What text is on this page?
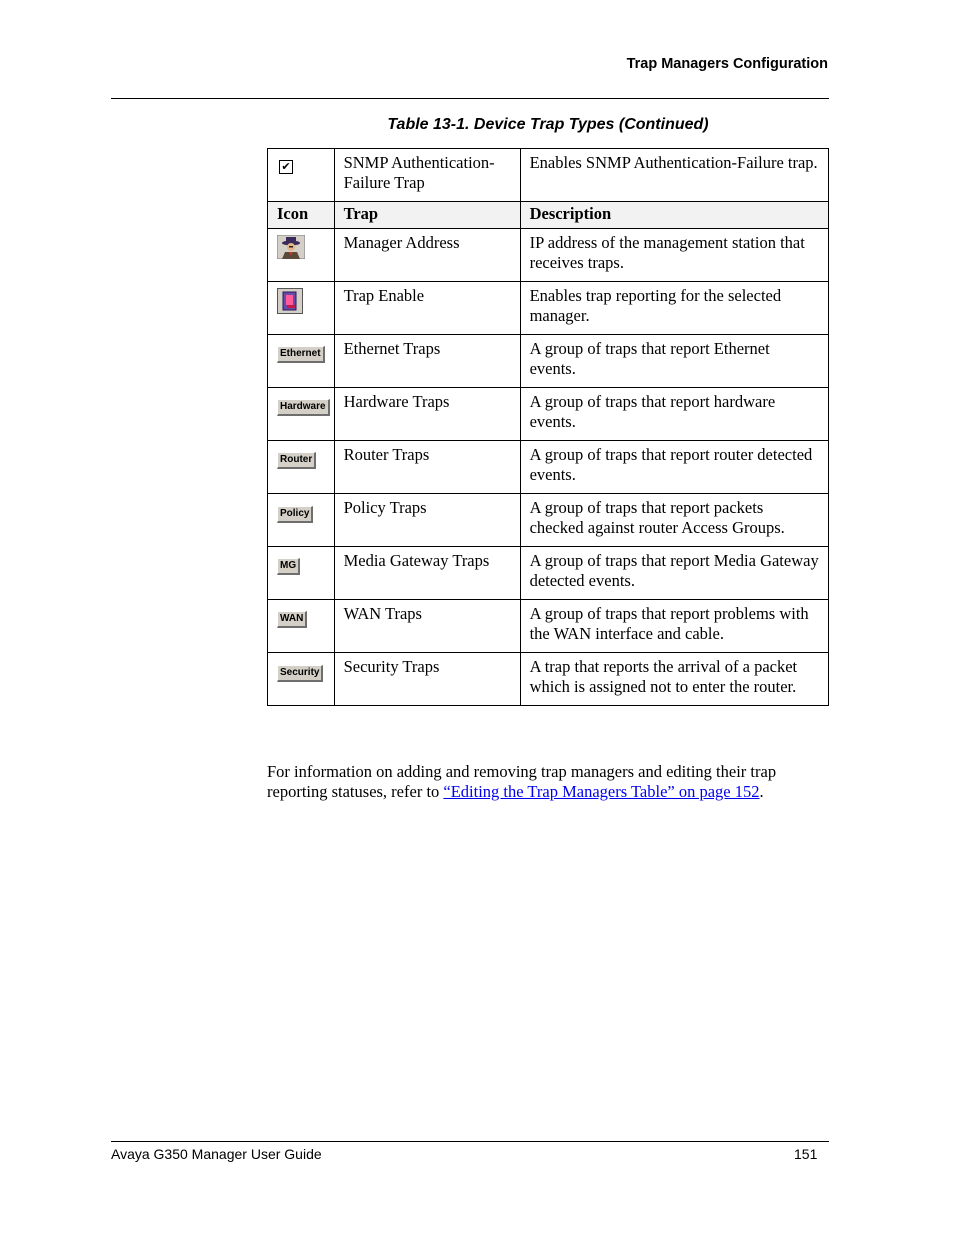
Trap Managers Configuration
Table 13-1. Device Trap Types (Continued)
✔	SNMP Authentication-Failure Trap	Enables SNMP Authentication-Failure trap.
Icon	Trap	Description

	Manager Address	IP address of the management station that receives traps.

	Trap Enable	Enables trap reporting for the selected manager.
Ethernet	Ethernet Traps	A group of traps that report Ethernet events.
Hardware	Hardware Traps	A group of traps that report hardware events.
Router	Router Traps	A group of traps that report router detected events.
Policy	Policy Traps	A group of traps that report packets checked against router Access Groups.
MG	Media Gateway Traps	A group of traps that report Media Gateway detected events.
WAN	WAN Traps	A group of traps that report problems with the WAN interface and cable.
Security	Security Traps	A trap that reports the arrival of a packet which is assigned not to enter the router.
For information on adding and removing trap managers and editing their trap reporting statuses, refer to “Editing the Trap Managers Table” on page 152.
Avaya G350 Manager User Guide	151
